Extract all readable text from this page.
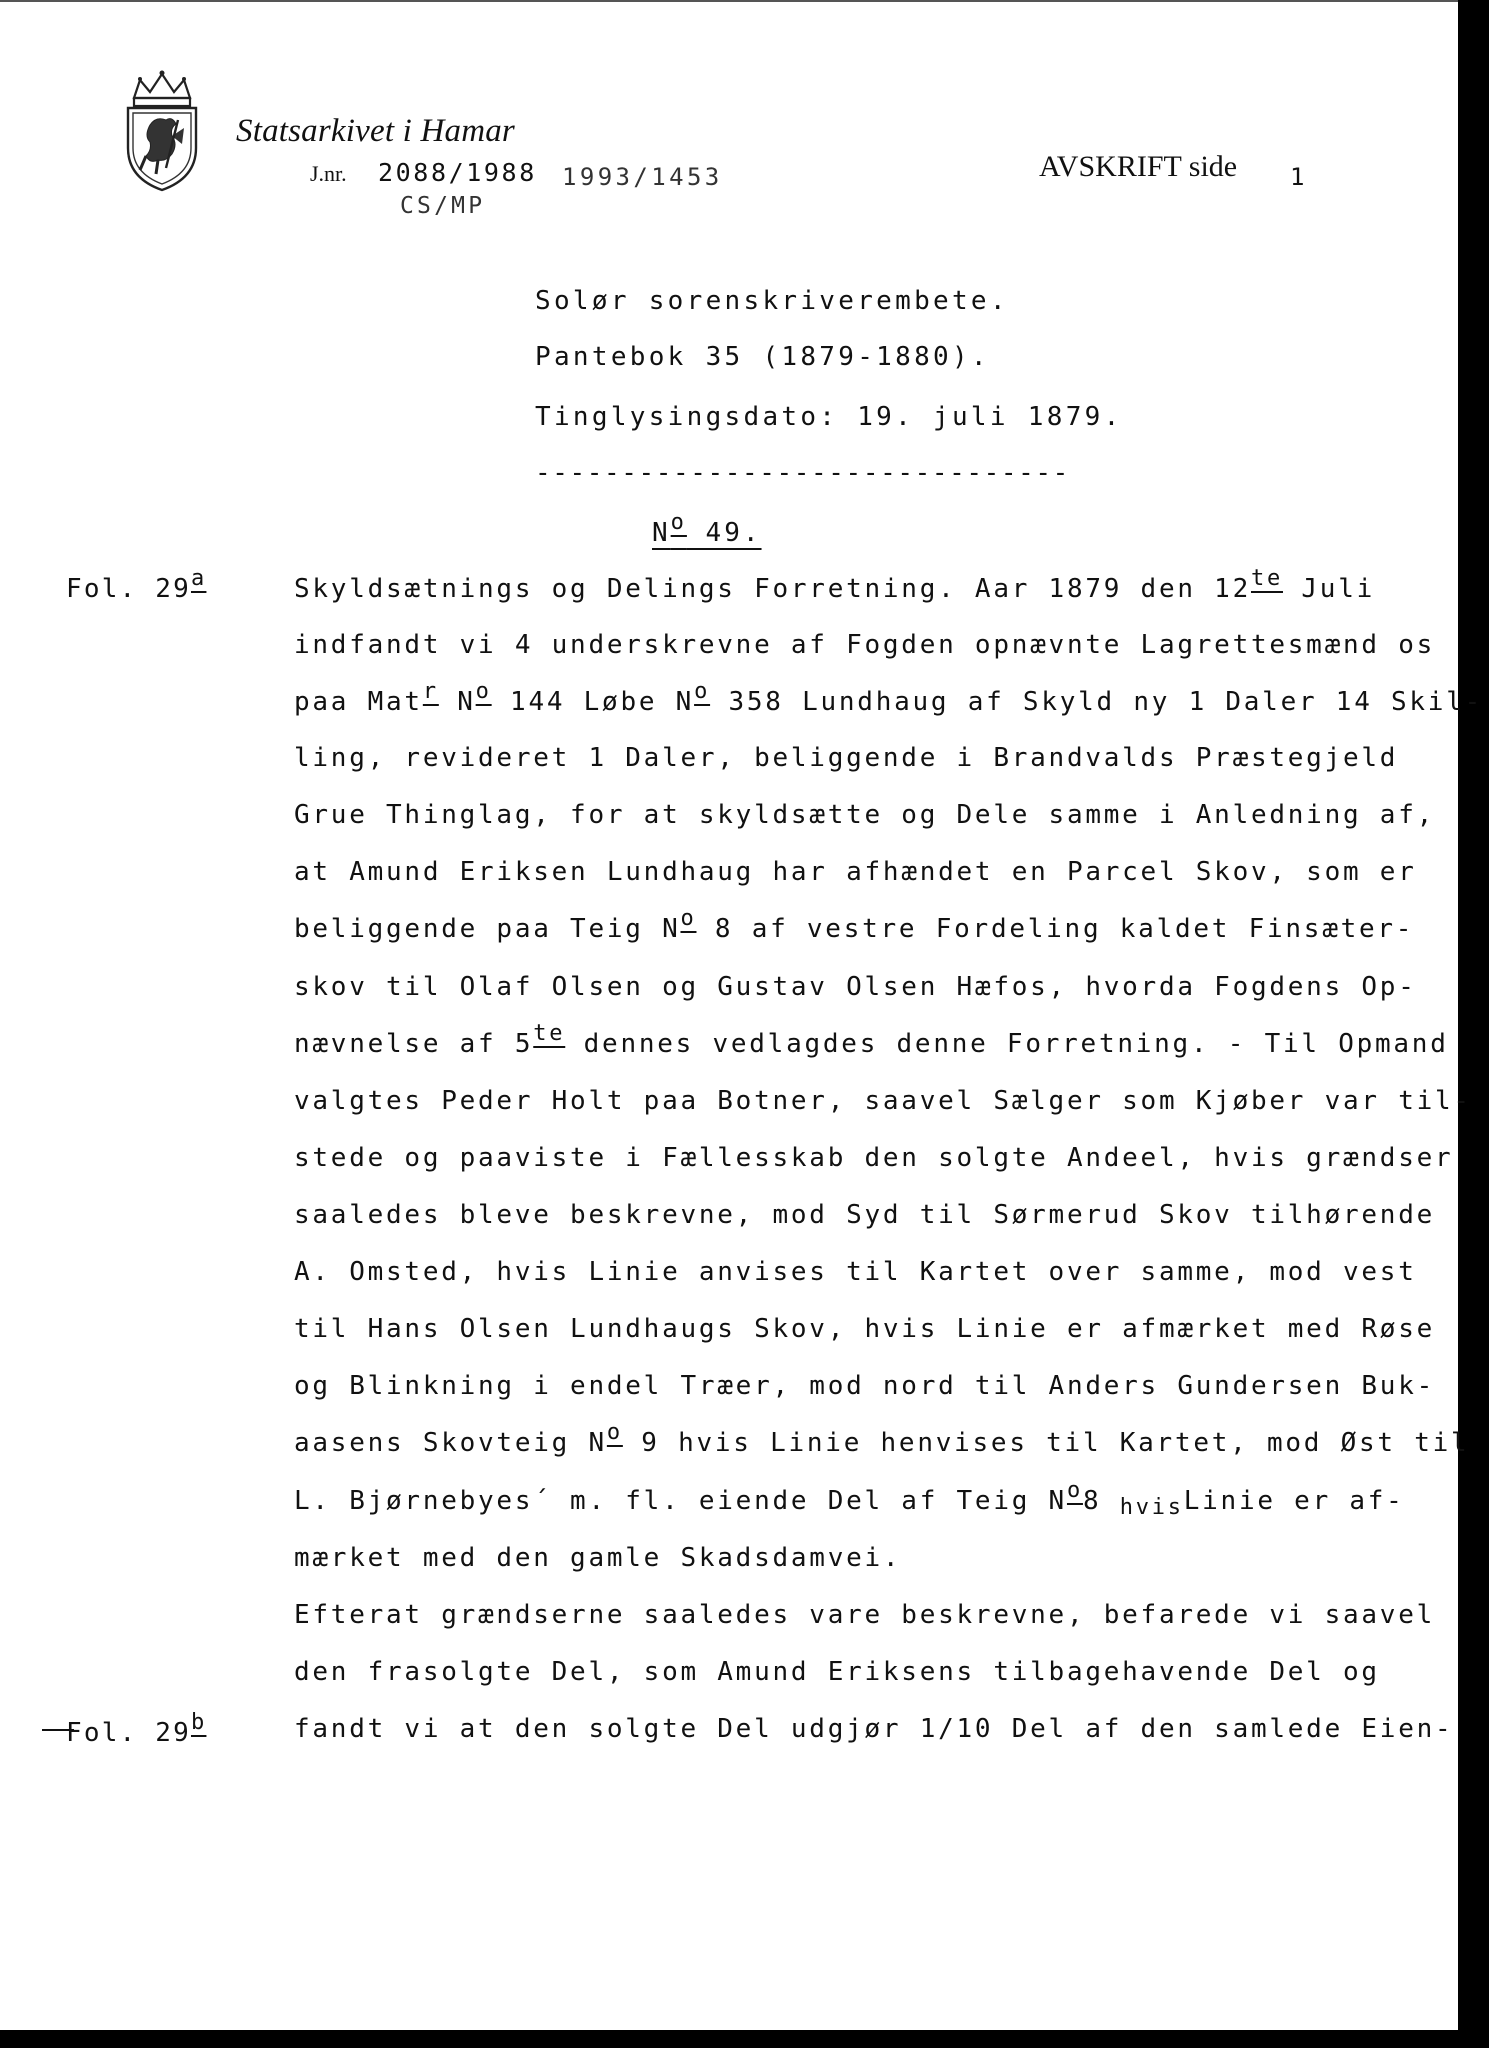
Statsarkivet i Hamar
J.nr. 2088/1988 1993/1453
CS/MP
AVSKRIFT side 1
Solør sorenskriverembete.
Pantebok 35 (1879-1880).
Tinglysingsdato: 19. juli 1879.
-------------------------------
$N^o$ 49.
Fol. 29$^a$
Fol. 29$^b$
Skyldsætnings og Delings Forretning. Aar 1879 den $12^{te}$ Juli
indfandt vi 4 underskrevne af Fogden opnævnte Lagrettesmænd os
paa Mat$^r$ $N^o$ 144 Løbe $N^o$ 358 Lundhaug af Skyld ny 1 Daler 14 Skil-
ling, revideret 1 Daler, beliggende i Brandvalds Præstegjeld
Grue Thinglag, for at skyldsætte og Dele samme i Anledning af,
at Amund Eriksen Lundhaug har afhændet en Parcel Skov, som er
beliggende paa Teig $N^o$ 8 af vestre Fordeling kaldet Finsæter-
skov til Olaf Olsen og Gustav Olsen Hæfos, hvorda Fogdens Op-
nævnelse af $5^{te}$ dennes vedlagdes denne Forretning. - Til Opmand
valgtes Peder Holt paa Botner, saavel Sælger som Kjøber var til-
stede og paaviste i Fællesskab den solgte Andeel, hvis grændser
saaledes bleve beskrevne, mod Syd til Sørmerud Skov tilhørende
A. Omsted, hvis Linie anvises til Kartet over samme, mod vest
til Hans Olsen Lundhaugs Skov, hvis Linie er afmærket med Røse
og Blinkning i endel Træer, mod nord til Anders Gundersen Buk-
aasens Skovteig $N^o$ 9 hvis Linie henvises til Kartet, mod Øst til
L. Bjørnebyes´ m. fl. eiende Del af Teig $N^o8$ hvisLinie er af-
mærket med den gamle Skadsdamvei.
Efterat grændserne saaledes vare beskrevne, befarede vi saavel
den frasolgte Del, som Amund Eriksens tilbagehavende Del og
fandt vi at den solgte Del udgjør 1/10 Del af den samlede Eien-
